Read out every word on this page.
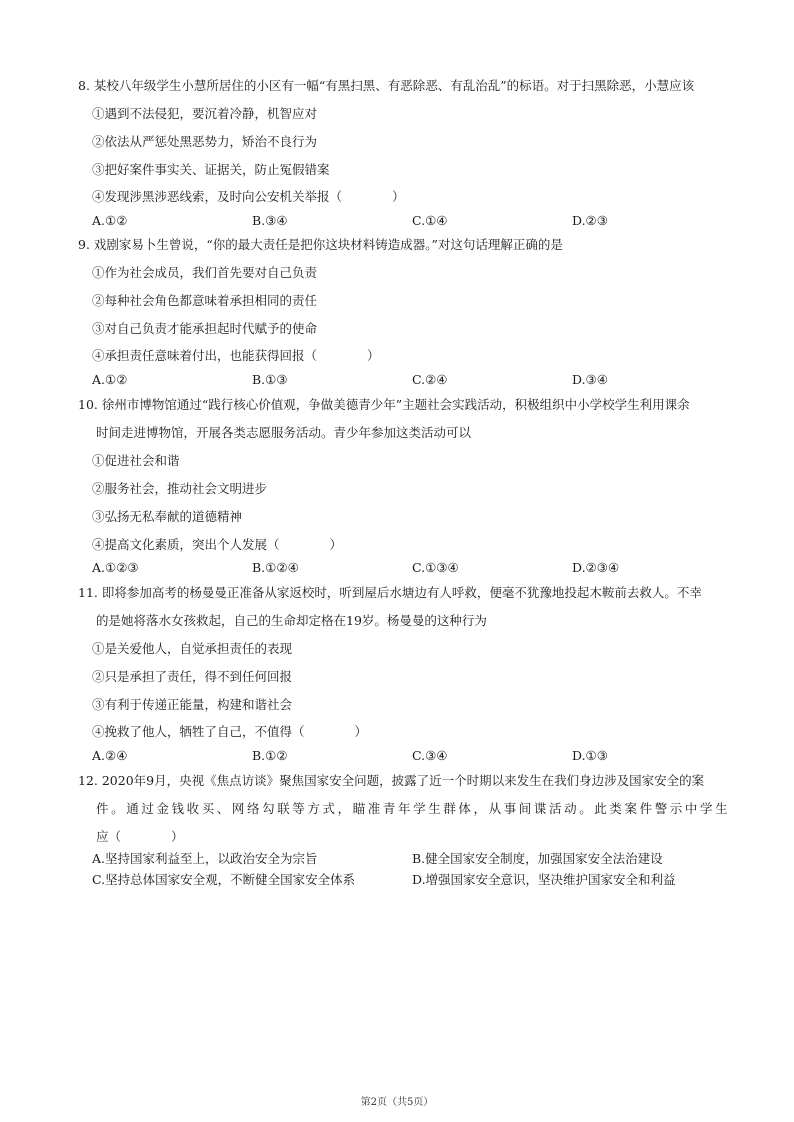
8. 某校八年级学生小慧所居住的小区有一幅“有黑扫黑、有恶除恶、有乱治乱”的标语。对于扫黑除恶，小慧应该
①遇到不法侵犯，要沉着冷静，机智应对
②依法从严惩处黑恶势力，矫治不良行为
③把好案件事实关、证据关，防止冤假错案
④发现涉黑涉恶线索，及时向公安机关举报（　　　　）
A.①②	B.③④	C.①④	D.②③
9. 戏剧家易卜生曾说，“你的最大责任是把你这块材料铸造成器。”对这句话理解正确的是
①作为社会成员，我们首先要对自己负责
②每种社会角色都意味着承担相同的责任
③对自己负责才能承担起时代赋予的使命
④承担责任意味着付出，也能获得回报（　　　　）
A.①②	B.①③	C.②④	D.③④
10. 徐州市博物馆通过“践行核心价值观，争做美德青少年”主题社会实践活动，积极组织中小学校学生利用课余
时间走进博物馆，开展各类志愿服务活动。青少年参加这类活动可以
①促进社会和谐
②服务社会，推动社会文明进步
③弘扬无私奉献的道德精神
④提高文化素质，突出个人发展（　　　　）
A.①②③	B.①②④	C.①③④	D.②③④
11. 即将参加高考的杨曼曼正准备从家返校时，听到屋后水塘边有人呼救，便毫不犹豫地投起木鞍前去救人。不幸
的是她将落水女孩救起，自己的生命却定格在19岁。杨曼曼的这种行为
①是关爱他人，自觉承担责任的表现
②只是承担了责任，得不到任何回报
③有利于传递正能量，构建和谐社会
④挽救了他人，牺牲了自己，不值得（　　　　）
A.②④	B.①②	C.③④	D.①③
12. 2020年9月，央视《焦点访谈》聚焦国家安全问题，披露了近一个时期以来发生在我们身边涉及国家安全的案
件。通过金钱收买、网络勾联等方式，瞄准青年学生群体，从事间谍活动。此类案件警示中学生
应（　　　　）
A.坚持国家利益至上，以政治安全为宗旨	B.健全国家安全制度，加强国家安全法治建设
C.坚持总体国家安全观，不断健全国家安全体系	D.增强国家安全意识，坚决维护国家安全和利益
第2页（共5页）
